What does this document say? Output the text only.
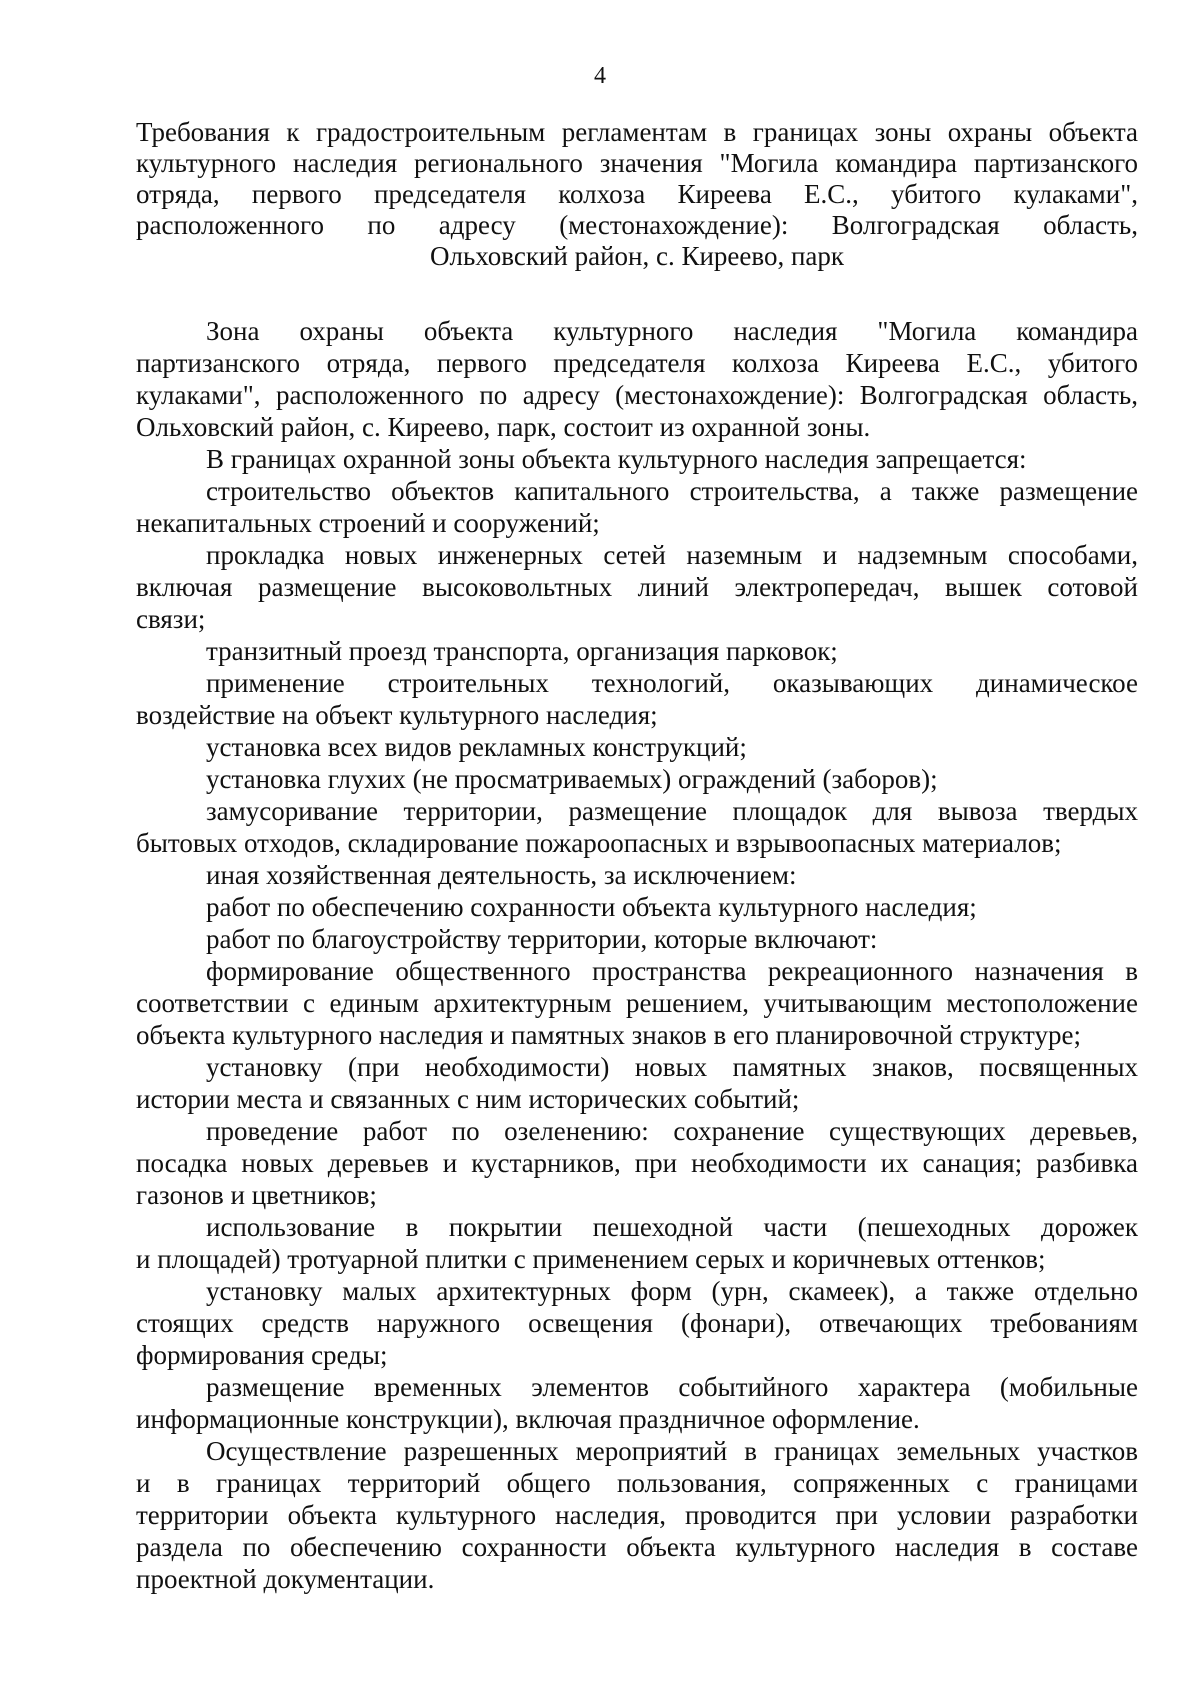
4
Требования к градостроительным регламентам в границах зоны охраны объекта
культурного наследия регионального значения "Могила командира партизанского
отряда, первого председателя колхоза Киреева Е.С., убитого кулаками",
расположенного по адресу (местонахождение): Волгоградская область,
Ольховский район, с. Киреево, парк
Зона охраны объекта культурного наследия "Могила командира
партизанского отряда, первого председателя колхоза Киреева Е.С., убитого
кулаками", расположенного по адресу (местонахождение): Волгоградская область,
Ольховский район, с. Киреево, парк, состоит из охранной зоны.
В границах охранной зоны объекта культурного наследия запрещается:
строительство объектов капитального строительства, а также размещение
некапитальных строений и сооружений;
прокладка новых инженерных сетей наземным и надземным способами,
включая размещение высоковольтных линий электропередач, вышек сотовой
связи;
транзитный проезд транспорта, организация парковок;
применение строительных технологий, оказывающих динамическое
воздействие на объект культурного наследия;
установка всех видов рекламных конструкций;
установка глухих (не просматриваемых) ограждений (заборов);
замусоривание территории, размещение площадок для вывоза твердых
бытовых отходов, складирование пожароопасных и взрывоопасных материалов;
иная хозяйственная деятельность, за исключением:
работ по обеспечению сохранности объекта культурного наследия;
работ по благоустройству территории, которые включают:
формирование общественного пространства рекреационного назначения в
соответствии с единым архитектурным решением, учитывающим местоположение
объекта культурного наследия и памятных знаков в его планировочной структуре;
установку (при необходимости) новых памятных знаков, посвященных
истории места и связанных с ним исторических событий;
проведение работ по озеленению: сохранение существующих деревьев,
посадка новых деревьев и кустарников, при необходимости их санация; разбивка
газонов и цветников;
использование в покрытии пешеходной части (пешеходных дорожек
и площадей) тротуарной плитки с применением серых и коричневых оттенков;
установку малых архитектурных форм (урн, скамеек), а также отдельно
стоящих средств наружного освещения (фонари), отвечающих требованиям
формирования среды;
размещение временных элементов событийного характера (мобильные
информационные конструкции), включая праздничное оформление.
Осуществление разрешенных мероприятий в границах земельных участков
и в границах территорий общего пользования, сопряженных с границами
территории объекта культурного наследия, проводится при условии разработки
раздела по обеспечению сохранности объекта культурного наследия в составе
проектной документации.
